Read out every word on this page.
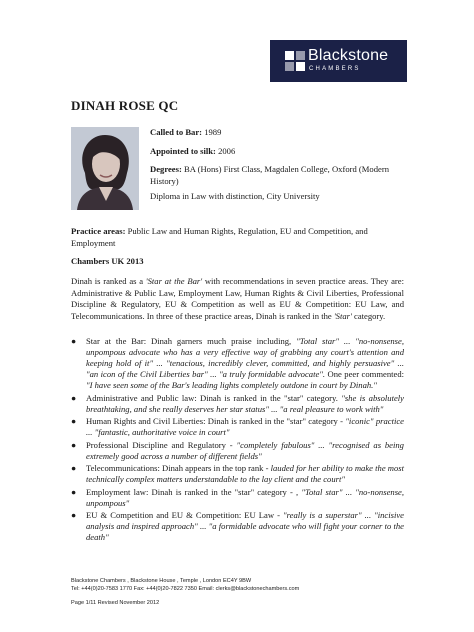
Blackstone
CHAMBERS
DINAH ROSE QC
Called to Bar: 1989
Appointed to silk: 2006
Degrees: BA (Hons) First Class, Magdalen College, Oxford (Modern History)
Diploma in Law with distinction, City University
Practice areas: Public Law and Human Rights, Regulation, EU and Competition, and Employment
Chambers UK 2013
Dinah is ranked as a 'Star at the Bar' with recommendations in seven practice areas. They are: Administrative & Public Law, Employment Law, Human Rights & Civil Liberties, Professional Discipline & Regulatory, EU & Competition as well as EU & Competition: EU Law, and Telecommunications. In three of these practice areas, Dinah is ranked in the 'Star' category.
● Star at the Bar: Dinah garners much praise including, "Total star" ... "no-nonsense, unpompous advocate who has a very effective way of grabbing any court's attention and keeping hold of it" ... "tenacious, incredibly clever, committed, and highly persuasive" ... "an icon of the Civil Liberties bar" ... "a truly formidable advocate". One peer commented: "I have seen some of the Bar's leading lights completely outdone in court by Dinah."
● Administrative and Public law: Dinah is ranked in the "star" category. "she is absolutely breathtaking, and she really deserves her star status" ... "a real pleasure to work with"
● Human Rights and Civil Liberties: Dinah is ranked in the "star" category - "iconic" practice ... "fantastic, authoritative voice in court"
● Professional Discipline and Regulatory - "completely fabulous" ... "recognised as being extremely good across a number of different fields"
● Telecommunications: Dinah appears in the top rank - lauded for her ability to make the most technically complex matters understandable to the lay client and the court"
● Employment law: Dinah is ranked in the "star" category - , "Total star" ... "no-nonsense, unpompous"
● EU & Competition and EU & Competition: EU Law - "really is a superstar" ... "incisive analysis and inspired approach" ... "a formidable advocate who will fight your corner to the death"
Blackstone Chambers , Blackstone House , Temple , London EC4Y 9BW
Tel: +44(0)20-7583 1770 Fax: +44(0)20-7822 7350 Email: clerks@blackstonechambers.com
Page 1/11 Revised November 2012
